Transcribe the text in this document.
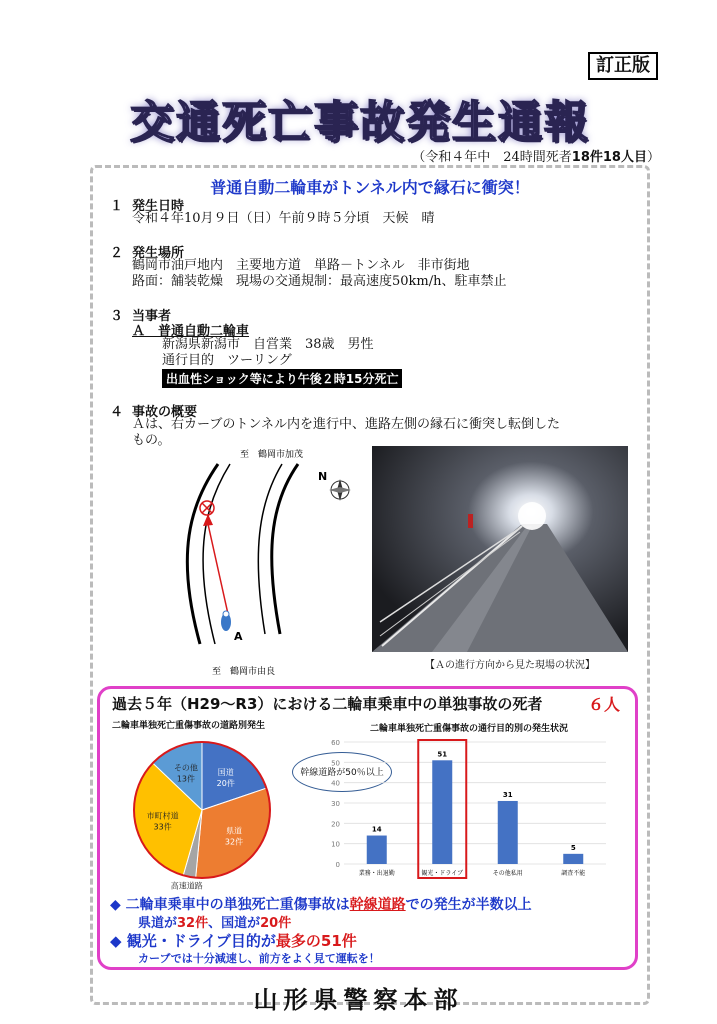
訂正版
交通死亡事故発生通報
（令和４年中　24時間死者18件18人目）
普通自動二輪車がトンネル内で縁石に衝突！
１ 発生日時
令和４年10月９日（日）午前９時５分頃　天候　晴
２ 発生場所
鶴岡市油戸地内　主要地方道　単路－トンネル　非市街地
路面：舗装乾燥　現場の交通規制：最高速度50km/h、駐車禁止
３ 当事者
Ａ　普通自動二輪車
新潟県新潟市　自営業　38歳　男性
通行目的　ツーリング
出血性ショック等により午後２時15分死亡
４ 事故の概要
Ａは、右カーブのトンネル内を進行中、進路左側の縁石に衝突し転倒した
もの。
至　鶴岡市加茂
A
N
至　鶴岡市由良
【Ａの進行方向から見た現場の状況】
過去５年（H29～R3）における二輪車乗車中の単独事故の死者	６人
二輪車単独死亡重傷事故の道路別発生
国道
20件
県道
32件
高速道路
市町村道
33件
その他
13件
幹線道路が50％以上
二輪車単独死亡重傷事故の通行目的別の発生状況
0
10
20
30
40
50
60
14
業務・出退勤
51
観光・ドライブ
31
その他私用
5
調査不能
◆ 二輪車乗車中の単独死亡重傷事故は幹線道路での発生が半数以上
県道が32件、国道が20件
◆ 観光・ドライブ目的が最多の51件
カーブでは十分減速し、前方をよく見て運転を！
山形県警察本部
